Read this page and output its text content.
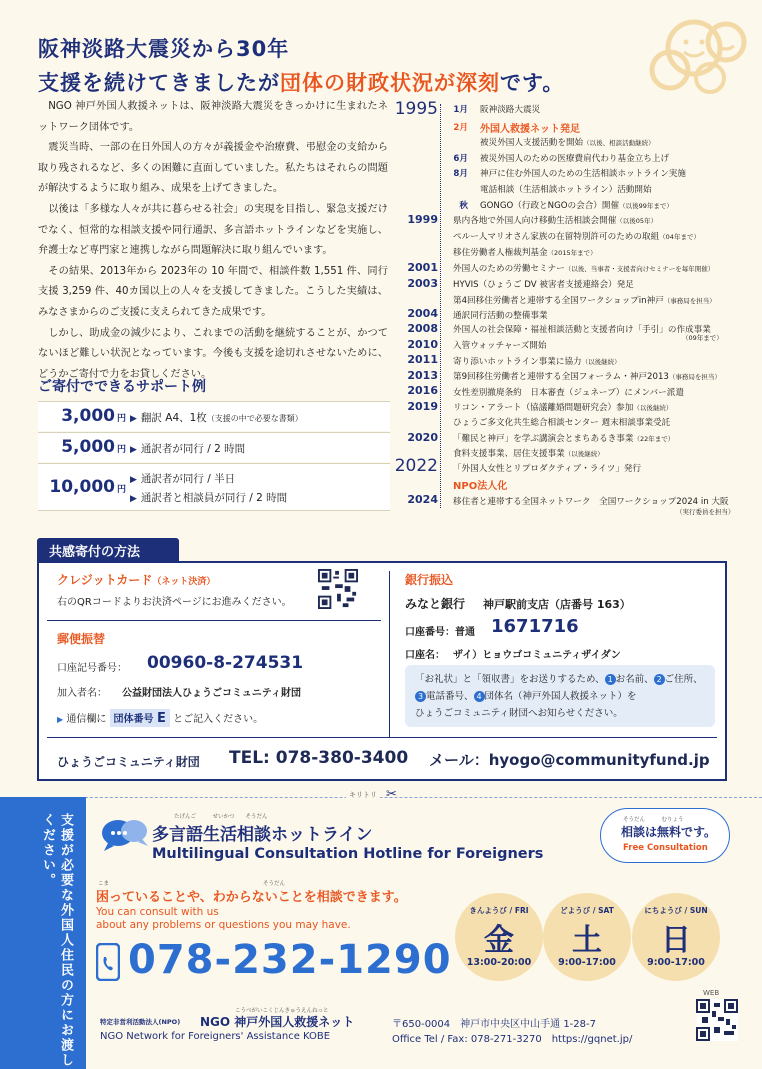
阪神淡路大震災から30年
支援を続けてきましたが団体の財政状況が深刻です。

NGO 神戸外国人救援ネットは、阪神淡路大震災をきっかけに生まれたネットワーク団体です。

震災当時、一部の在日外国人の方々が義援金や治療費、弔慰金の支給から取り残されるなど、多くの困難に直面していました。私たちはそれらの問題が解決するように取り組み、成果を上げてきました。

以後は「多様な人々が共に暮らせる社会」の実現を目指し、緊急支援だけでなく、恒常的な相談支援や同行通訳、多言語ホットラインなどを実施し、弁護士など専門家と連携しながら問題解決に取り組んでいます。

その結果、2013年から 2023年の 10 年間で、相談件数 1,551 件、同行支援 3,259 件、40カ国以上の人々を支援してきました。こうした実績は、みなさまからのご支援に支えられてきた成果です。

しかし、助成金の減少により、これまでの活動を継続することが、かつてないほど難しい状況となっています。今後も支援を途切れさせないために、どうかご寄付で力をお貸しください。

ご寄付でできるサポート例
3,000 円 ▶ 翻訳 A4、1枚（支援の中で必要な書類）
5,000 円 ▶ 通訳者が同行 / 2 時間
10,000 円
▶ 通訳者が同行 / 半日
▶ 通訳者と相談員が同行 / 2 時間
1995	1月 阪神淡路大震災
2月 外国人救援ネット発足
被災外国人支援活動を開始（以後、相談活動継続）
6月 被災外国人のための医療費肩代わり基金立ち上げ
8月 神戸に住む外国人のための生活相談ホットライン実施
電話相談（生活相談ホットライン）活動開始
秋 GONGO（行政とNGOの会合）開催（以後99年まで）
1999 県内各地で外国人向け移動生活相談会開催（以後05年）
ペルー人マリオさん家族の在留特別許可のための取組（04年まで）
移住労働者人権裁判基金（2015年まで）
2001 外国人のための労働セミナー（以後、当事者・支援者向けセミナーを毎年開催）
2003 HYVIS（ひょうご DV 被害者支援連絡会）発足
第4回移住労働者と連帯する全国ワークショップin神戸（事務局を担当）
2004 通訳同行活動の整備事業
2008 外国人の社会保障・福祉相談活動と支援者向け「手引」の作成事業
（09年まで）
2010 入管ウォッチャーズ開始
2011 寄り添いホットライン事業に協力（以後継続）
2013 第9回移住労働者と連帯する全国フォーラム・神戸2013（事務局を担当）
2016 女性差別撤廃条約　日本審査（ジュネーブ）にメンバー派遣
2019 リコン・アラート（協議離婚問題研究会）参加（以後継続）
ひょうご多文化共生総合相談センター 週末相談事業受託
2020 「難民と神戸」を学ぶ講演会とまちあるき事業（22年まで）
食料支援事業、居住支援事業（以後継続）
2022 「外国人女性とリプロダクティブ・ライツ」発行
NPO法人化
2024 移住者と連帯する全国ネットワーク　全国ワークショップ2024 in 大阪
（実行委員を担当）
共感寄付の方法
クレジットカード（ネット決済）
右のQRコードよりお決済ページにお進みください。
郵便振替
口座記号番号： 00960-8-274531
加入者名： 公益財団法人ひょうごコミュニティ財団
▶ 通信欄に 団体番号 E とご記入ください。
銀行振込
みなと銀行 神戸駅前支店（店番号 163）
口座番号：普通 1671716
口座名： ザイ）ヒョウゴコミュニティザイダン
「お礼状」と「領収書」をお送りするため、 1 お名前、 2 ご住所、
3 電話番号、 4 団体名（神戸外国人救援ネット）を
ひょうごコミュニティ財団へお知らせください。
ひょうごコミュニティ財団 TEL: 078-380-3400 メール：hyogo@communityfund.jp
キリトリ ✂
支援が必要な外国人住民の方にお渡しください。	たげんご　　　せいかつ　　そうだん
多言語生活相談ホットライン
Multilingual Consultation Hotline for Foreigners
そうだん　　　むりょう
相談は無料です。
Free Consultation
こま　　　　　　　　　　　　　　　　　　　　　　　　　　　　そうだん
困っていることや、わからないことを相談できます。
You can consult with us
about any problems or questions you may have.
078-232-1290
きんようび / FRI
金
13:00-20:00
どようび / SAT
土
9:00-17:00
にちようび / SUN
日
9:00-17:00
特定非営利活動法人(NPO)
こうべがいこくじんきゅうえんねっと
NGO 神戸外国人救援ネット
NGO Network for Foreigners' Assistance KOBE
〒650-0004　神戸市中央区中山手通 1-28-7
Office Tel / Fax: 078-271-3270　https://gqnet.jp/
WEB
